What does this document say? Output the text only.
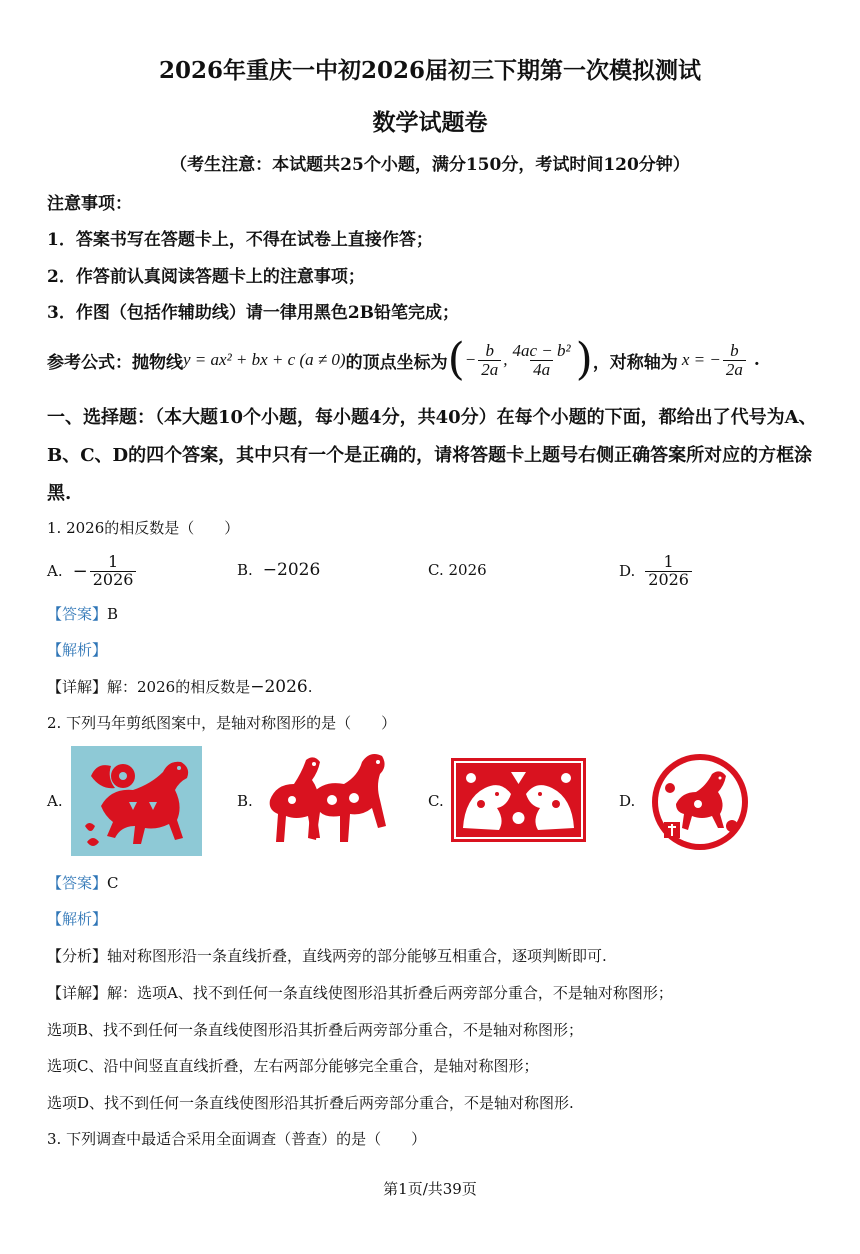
2026年重庆一中初2026届初三下期第一次模拟测试
数学试题卷
（考生注意：本试题共25个小题，满分150分，考试时间120分钟）
注意事项：
1．答案书写在答题卡上，不得在试卷上直接作答；
2．作答前认真阅读答题卡上的注意事项；
3．作图（包括作辅助线）请一律用黑色2B铅笔完成；
参考公式：抛物线 y = ax² + bx + c (a ≠ 0) 的顶点坐标为 ( − $\frac{b}{2a}$ , $\frac{\text{4ac − b²}}{4a}$ ) ，对称轴为 x = − $\frac{b}{2a}$ .
一、选择题：（本大题10个小题，每小题4分，共40分）在每个小题的下面，都给出了代号为A、B、C、D的四个答案，其中只有一个是正确的，请将答题卡上题号右侧正确答案所对应的方框涂黑.
1. 2026的相反数是（　　）
A. − $\frac{1}{2026}$	B. −2026	C. 2026	D. $\frac{1}{2026}$
【答案】B
【解析】
【详解】解：2026的相反数是−2026.
2. 下列马年剪纸图案中，是轴对称图形的是（　　）
A.	B.	C.	D.
【答案】C
【解析】
【分析】轴对称图形沿一条直线折叠，直线两旁的部分能够互相重合，逐项判断即可.
【详解】解：选项A、找不到任何一条直线使图形沿其折叠后两旁部分重合，不是轴对称图形；
选项B、找不到任何一条直线使图形沿其折叠后两旁部分重合，不是轴对称图形；
选项C、沿中间竖直直线折叠，左右两部分能够完全重合，是轴对称图形；
选项D、找不到任何一条直线使图形沿其折叠后两旁部分重合，不是轴对称图形.
3. 下列调查中最适合采用全面调查（普查）的是（　　）
第1页/共39页
